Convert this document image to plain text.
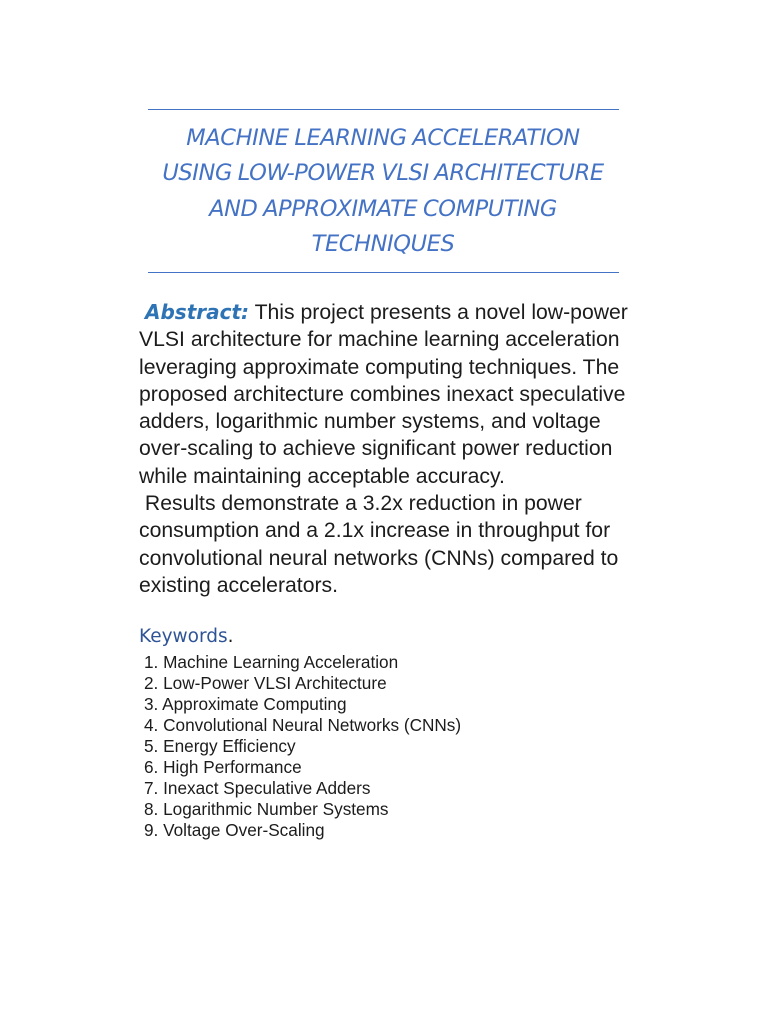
MACHINE LEARNING ACCELERATION
USING LOW-POWER VLSI ARCHITECTURE
AND APPROXIMATE COMPUTING
TECHNIQUES
Abstract: This project presents a novel low-power
VLSI architecture for machine learning acceleration
leveraging approximate computing techniques. The
proposed architecture combines inexact speculative
adders, logarithmic number systems, and voltage
over-scaling to achieve significant power reduction
while maintaining acceptable accuracy.
Results demonstrate a 3.2x reduction in power
consumption and a 2.1x increase in throughput for
convolutional neural networks (CNNs) compared to
existing accelerators.
Keywords.
1. Machine Learning Acceleration
2. Low-Power VLSI Architecture
3. Approximate Computing
4. Convolutional Neural Networks (CNNs)
5. Energy Efficiency
6. High Performance
7. Inexact Speculative Adders
8. Logarithmic Number Systems
9. Voltage Over-Scaling
